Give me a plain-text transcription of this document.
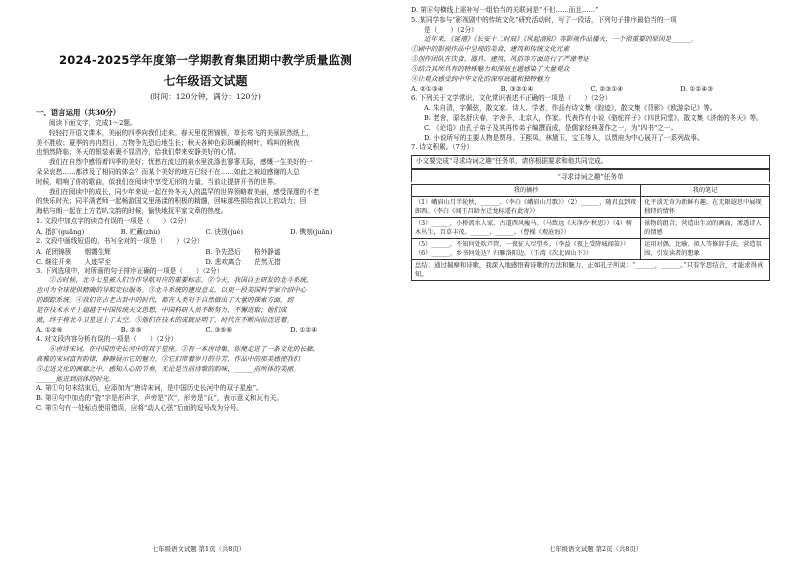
2024-2025学年度第一学期教育集团期中教学质量监测
七年级语文试题
(时间：120分钟，满分：120分)
一、语言运用（共30分）

阅读下面文字，完成1～2题。

轻轻打开语文课本，美丽的四季向我们走来。春天里花团锦簇，草长莺飞的美景跃然纸上，

美不胜收；夏季的冉冉烈日，万物争先恐后地生长；秋天各种色彩斑斓的树叶，鸣叫的秋夜

也悄然降临；冬天的银装素裹不显清冷，给我们带来安静美好的心情。

我们在自然中感悟着四季的美好；忧愁在流过的泉水里洗涤也寥寥无际，感慨一生美好的一

朵朵哀愁……都涉及了相同的体会？而某个美好的地方已经不在……如此之被迫感谢的人总

时候，唱响了你的歌曲，似我们在阅读中享受无形的力量，当前让提拼开书的世界。

我们在阅读中的成长，同少年来说一起在外冬天人的温罕的世界领略着美丽，感受深邃的不老

的快乐时光；同平满老师一起畅游国文里荡漾的积极的精髓，回味那些捐给我以上的动力；回

海枯与朗一起在上方若叭文韵的时候，愉快地抚平家文章的热度。

1. 文段中加点字的读音有误的一项是（　　）（2分）

A. 指扩(guǎng)	B. 贮藏(zhù)	C. 诀别(jué)	D. 镌刻(juān)

2. 文段中画线短语的，书写全对的一项是（　　）（2分）

A. 花团锦簇　　烟霭生辉	B. 争先恐后　　格外静谧
C. 继往开来　　人迹罕至	D. 悲欢离合　　茫然无措

3. 下列选项中，对所画的句子排序正确的一项是（　　）（2分）

①古时候，北斗七星被人们当作导航对应的重要标志。②今天，我国自主研发的北斗系统，

也可为全球提供精确的导航定位服务。③北斗系统的建设意义，以更一段美国科学家介绍中心

的跟踪系统。④我们在古老古卦中的时代，都在人类对于自然做出了大量的探索方面，到

是在技术水平上超越于中国传统天文思想，中国科研人员不断努力，不懈进取；他们成

就，终于将北斗卫星送上了太空。⑤他们在技术的成就证明了，时代在不断向前迈进着。

A. ①②⑥	B. ②⑤	C. ③⑤⑥	D. ①②④

4. 对文段内容分析有误的一项是（　　）（2分）

⑥唐诗宋词，在中国历史长河中的双子星座。②有一本唐诗集，你便走进了一条文化的长廊，

高雅的宋词富有韵律，静静展示它的魅力。③它们带着岁月的芬芳，作品中的那美感使我们

⑤走进文化的画廊之中，感知人心的节奏，无论是当前诗歌的韵味，______前所体的美丽。

______能进到前体的时光。

A. 第①句句末结束后，应添加为“唐诗宋词，是中国历史长河中的双子星座”。

B. 第④句中加点的“瓷”字是形声字，声旁是“次”，形旁是“瓦”，表示意义和瓦有关。

C. 第⑤句有一处标点使用错误，应将“动人心弦”后面的逗号改为分号。

七年级语文试题 第1页（共8页）

D. 第⑥句横线上需补写一组恰当的关联词是“不但……而且……”

5. 某同学参与“影视剧中的传统文化”研究活动时，写了一段话，下列句子排序最恰当的一项

是（　　）（2分）

近年来，《延禧》《长安十二时辰》《风起洛阳》等影视作品播火，一个很重要的原因是______。

①剧中的影视作品中呈现的美食、建筑和传统文化元素

②创作团队在饮食、器具、建筑、风俗等方面进行了严谨考证

③结合其所具有的特殊魅力和深刻主题感染了大量观众

④让观众感受到中华文化的深厚底蕴和独特魅力

A. ②①③④	B. ③②①④	C. ②③①④	D. ①②④③

6. 下列关于文学常识、文化常识表述不正确的一项是（　　）（2分）

A. 朱自清，字佩弦，散文家、诗人、学者，作品有诗文集《踪迹》，散文集《背影》《欧游杂记》等。

B. 老舍，原名舒庆春，字舍予，北京人，作家。代表作有小说《骆驼祥子》《四世同堂》，散文集《济南的冬天》等。

C. 《论语》由孔子弟子及其再传弟子编撰而成，是儒家经典著作之一，为“四书”之一。

D. 小说所写的主要人物是贾母、王熙凤、林黛玉、宝玉等人，以贾府为中心展开了一系列故事。

7. 诗文积累。（7分）

小文要完成“寻求诗词之趣”任务单，请你根据要求和他共同完成。
“寻求诗词之趣”任务单
我的摘抄	我的笔记
（1）峨眉山月半轮秋，______。（李白《峨眉山月歌》）（2）______，随君直到夜郎西。（李白《闻王昌龄左迁龙标遥有此寄》）	化平淡无奇为新鲜有趣，在无限遐思中展现独特的情怀
（3）______，小桥流水人家，古道西风瘦马。（马致远《天净沙·秋思》）（4）树木丛生，百草丰茂。______，______。（曹操《观沧海》）	景物的组合，营造出生动的画面，渗透诗人的情感
（5）______，不知何处吹芦管，一夜征人尽望乡。（李益《夜上受降城闻笛》）（6）______，乡书何处达？归雁洛阳边。（王湾《次北固山下》）	运用对偶、比喻、拟人等修辞手法，营造氛围，引发读者的想象
总结：通过揣摩和诗歌，我深入地感悟着诗歌的方法和魅力，正如孔子所说：“______，______。”只有学思结合，才能求得真知。
七年级语文试题 第2页（共8页）
